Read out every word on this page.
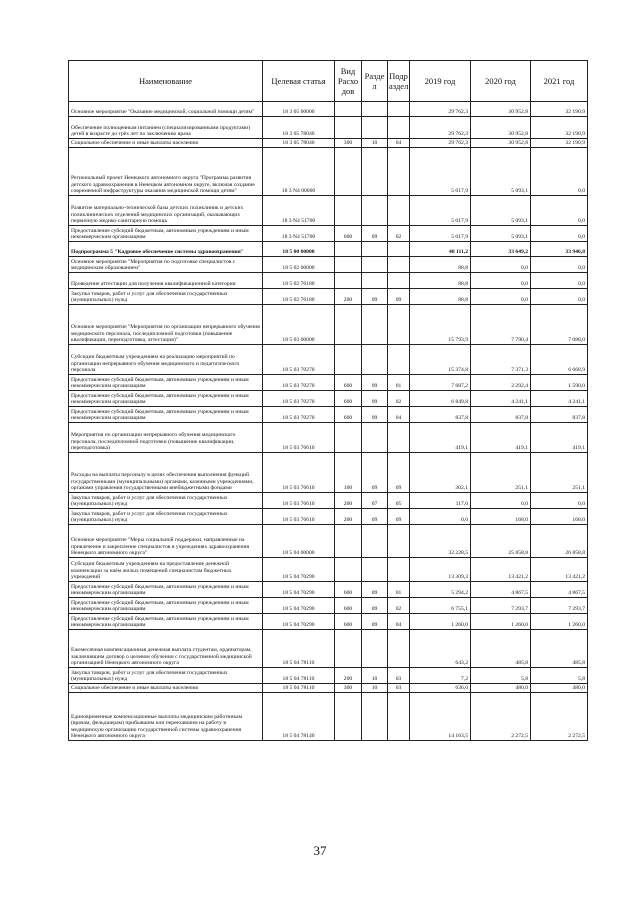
Наименование	Целевая статья	Вид Расхо дов	Разде л	Подр аздел	2019 год	2020 год	2021 год
Основное мероприятие "Оказание медицинской, социальной помощи детям"	18 3 05 00000				29 762,3	30 952,8	32 190,9
Обеспечение полноценным питанием (специализированными продуктами) детей в возрасте до трёх лет по заключению врача	18 3 05 78040				29 762,3	30 952,8	32 190,9
Социальное обеспечение и иные выплаты населению	18 3 05 78040	300	10	04	29 762,3	30 952,8	32 190,9
Региональный проект Ненецкого автономного округа "Программа развития детского здравоохранения в Ненецком автономном округе, включая создание современной инфраструктуры оказания медицинской помощи детям"	18 3 N4 00000				5 017,9	5 093,1	0,0
Развитие материально-технической базы детских поликлиник и детских поликлинических отделений медицинских организаций, оказывающих первичную медико-санитарную помощь	18 3 N4 51700				5 017,9	5 093,1	0,0
Предоставление субсидий бюджетным, автономным учреждениям и иным некоммерческим организациям	18 3 N4 51700	600	09	02	5 017,9	5 093,1	0,0
Подпрограмма 5 "Кадровое обеспечение системы здравоохранения"	18 5 00 00000				48 111,2	33 649,2	33 946,8
Основное мероприятие "Мероприятия по подготовке специалистов с медицинским образованием"	18 5 02 00000				88,8	0,0	0,0
Проведение аттестации для получения квалификационной категории	18 5 02 76180				88,8	0,0	0,0
Закупка товаров, работ и услуг для обеспечения государственных (муниципальных) нужд	18 5 02 76180	200	09	09	88,8	0,0	0,0
Основное мероприятие "Мероприятия по организации непрерывного обучения медицинского персонала, последипломной подготовки (повышение квалификации, переподготовка, аттестация)"	18 5 03 00000				15 793,9	7 790,4	7 088,0
Субсидии бюджетным учреждениям на реализацию мероприятий по организации непрерывного обучения медицинского и педагогического персонала	18 5 03 70270				15 374,8	7 371,3	6 668,9
Предоставление субсидий бюджетным, автономным учреждениям и иным некоммерческим организациям	18 5 03 70270	600	09	01	7 687,2	2 292,4	1 590,0
Предоставление субсидий бюджетным, автономным учреждениям и иным некоммерческим организациям	18 5 03 70270	600	09	02	6 849,8	4 241,1	4 241,1
Предоставление субсидий бюджетным, автономным учреждениям и иным некоммерческим организациям	18 5 03 70270	600	09	04	837,8	837,8	837,8
Мероприятия по организации непрерывного обучения медицинского персонала, последипломной подготовки (повышение квалификации, переподготовка)	18 5 03 76610				419,1	419,1	419,1
Расходы на выплаты персоналу в целях обеспечения выполнения функций государственными (муниципальными) органами, казенными учреждениями, органами управления государственными внебюджетными фондами	18 5 03 76610	100	09	09	302,1	251,1	251,1
Закупка товаров, работ и услуг для обеспечения государственных (муниципальных) нужд	18 5 03 76610	200	07	05	117,0	0,0	0,0
Закупка товаров, работ и услуг для обеспечения государственных (муниципальных) нужд	18 5 03 76610	200	09	09	0,0	168,0	168,0
Основное мероприятие "Меры социальной поддержки, направленные на привлечение и закрепление специалистов в учреждениях здравоохранения Ненецкого автономного округа"	18 5 04 00000				32 228,5	25 858,8	26 858,8
Субсидии бюджетным учреждениям на предоставление денежной компенсации за наём жилых помещений специалистам бюджетных учреждений	18 5 04 70290				13 309,3	13 421,2	13 421,2
Предоставление субсидий бюджетным, автономным учреждениям и иным некоммерческим организациям	18 5 04 70290	600	09	01	5 294,2	4 867,5	4 867,5
Предоставление субсидий бюджетным, автономным учреждениям и иным некоммерческим организациям	18 5 04 70290	600	09	02	6 755,1	7 293,7	7 293,7
Предоставление субсидий бюджетным, автономным учреждениям и иным некоммерческим организациям	18 5 04 70290	600	09	04	1 260,0	1 260,0	1 260,0
Ежемесячная компенсационная денежная выплата студентам, ординаторам, заключившим договор о целевом обучении с государственной медицинской организацией Ненецкого автономного округа	18 5 04 78110				643,2	485,8	485,8
Закупка товаров, работ и услуг для обеспечения государственных (муниципальных) нужд	18 5 04 78110	200	10	03	7,2	5,8	5,8
Социальное обеспечение и иные выплаты населению	18 5 04 78110	300	10	03	636,0	480,0	480,0
Единовременные компенсационные выплаты медицинским работникам (врачам, фельдшерам) прибывшим или переехавшим на работу в медицинскую организацию государственной системы здравоохранения Ненецкого автономного округа	18 5 04 78140				14 163,5	2 272,5	2 272,5
37
